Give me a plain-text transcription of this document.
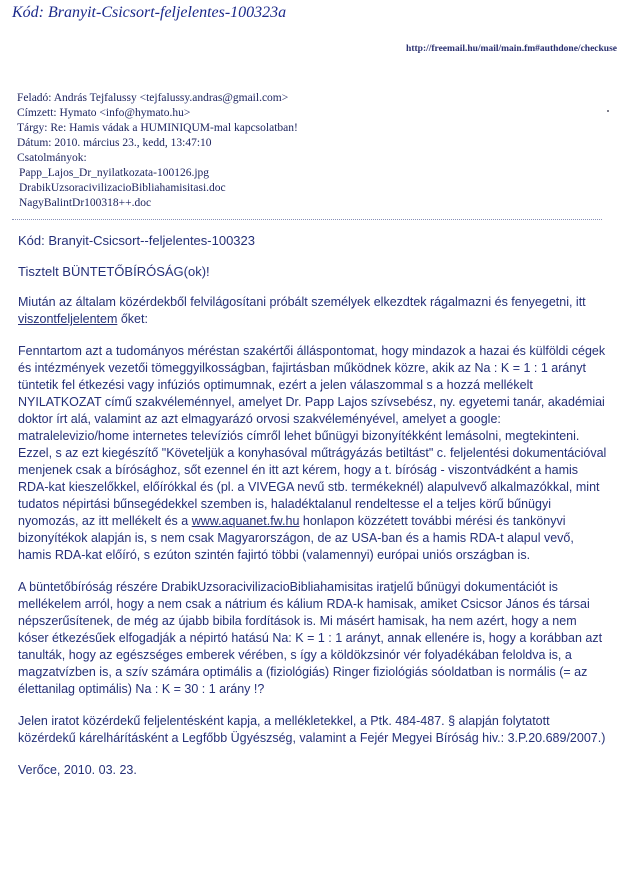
Kód: Branyit-Csicsort-feljelentes-100323a
http://freemail.hu/mail/main.fm#authdone/checkuse
Feladó: András Tejfalussy <tejfalussy.andras@gmail.com>
Címzett: Hymato <info@hymato.hu>
Tárgy: Re: Hamis vádak a HUMINIQUM-mal kapcsolatban!
Dátum: 2010. március 23., kedd, 13:47:10
Csatolmányok:
Papp_Lajos_Dr_nyilatkozata-100126.jpg
DrabikUzsoracivilizacioBibliahamisitasi.doc
NagyBalintDr100318++.doc

Kód: Branyit-Csicsort--feljelentes-100323

Tisztelt BÜNTETŐBÍRÓSÁG(ok)!

Miután az általam közérdekből felvilágosítani próbált személyek elkezdtek rágalmazni és fenyegetni, itt viszontfeljelentem őket:

Fenntartom azt a tudományos méréstan szakértői álláspontomat, hogy mindazok a hazai és külföldi cégek és intézmények vezetői tömeggyilkosságban, fajirtásban működnek közre, akik az Na : K = 1 : 1 arányt tüntetik fel étkezési vagy infúziós optimumnak, ezért a jelen válaszommal s a hozzá mellékelt NYILATKOZAT című szakvéleménnyel, amelyet Dr. Papp Lajos szívsebész, ny. egyetemi tanár, akadémiai doktor írt alá, valamint az azt elmagyarázó orvosi szakvéleményével, amelyet a google: matralelevizio/home internetes televíziós címről lehet bűnügyi bizonyítékként lemásolni, megtekinteni. Ezzel, s az ezt kiegészítő "Követeljük a konyhasóval műtrágyázás betiltást" c. feljelentési dokumentációval menjenek csak a bírósághoz, sőt ezennel én itt azt kérem, hogy a t. bíróság - viszontvádként a hamis RDA-kat kieszelőkkel, előírókkal és (pl. a VIVEGA nevű stb. termékeknél) alapulvevő alkalmazókkal, mint tudatos népirtási bűnsegédekkel szemben is, haladéktalanul rendeltesse el a teljes körű bűnügyi nyomozás, az itt mellékelt és a www.aquanet.fw.hu honlapon közzétett további mérési és tankönyvi bizonyítékok alapján is, s nem csak Magyarországon, de az USA-ban és a hamis RDA-t alapul vevő, hamis RDA-kat előíró, s ezúton szintén fajirtó többi (valamennyi) európai uniós országban is.

A büntetőbíróság részére DrabikUzsoracivilizacioBibliahamisitas iratjelű bűnügyi dokumentációt is mellékelem arról, hogy a nem csak a nátrium és kálium RDA-k hamisak, amiket Csicsor János és társai népszerűsítenek, de még az újabb bibila fordítások is. Mi másért hamisak, ha nem azért, hogy a nem kóser étkezésűek elfogadják a népirtó hatású Na: K = 1 : 1 arányt, annak ellenére is, hogy a korábban azt tanulták, hogy az egészséges emberek vérében, s így a köldökzsinór vér folyadékában feloldva is, a magzatvízben is, a szív számára optimális a (fiziológiás) Ringer fiziológiás sóoldatban is normális (= az élettanilag optimális) Na : K = 30 : 1 arány !?

Jelen iratot közérdekű feljelentésként kapja, a mellékletekkel, a Ptk. 484-487. § alapján folytatott közérdekű kárelhárításként a Legfőbb Ügyészség, valamint a Fejér Megyei Bíróság hiv.: 3.P.20.689/2007.)

Verőce, 2010. 03. 23.
